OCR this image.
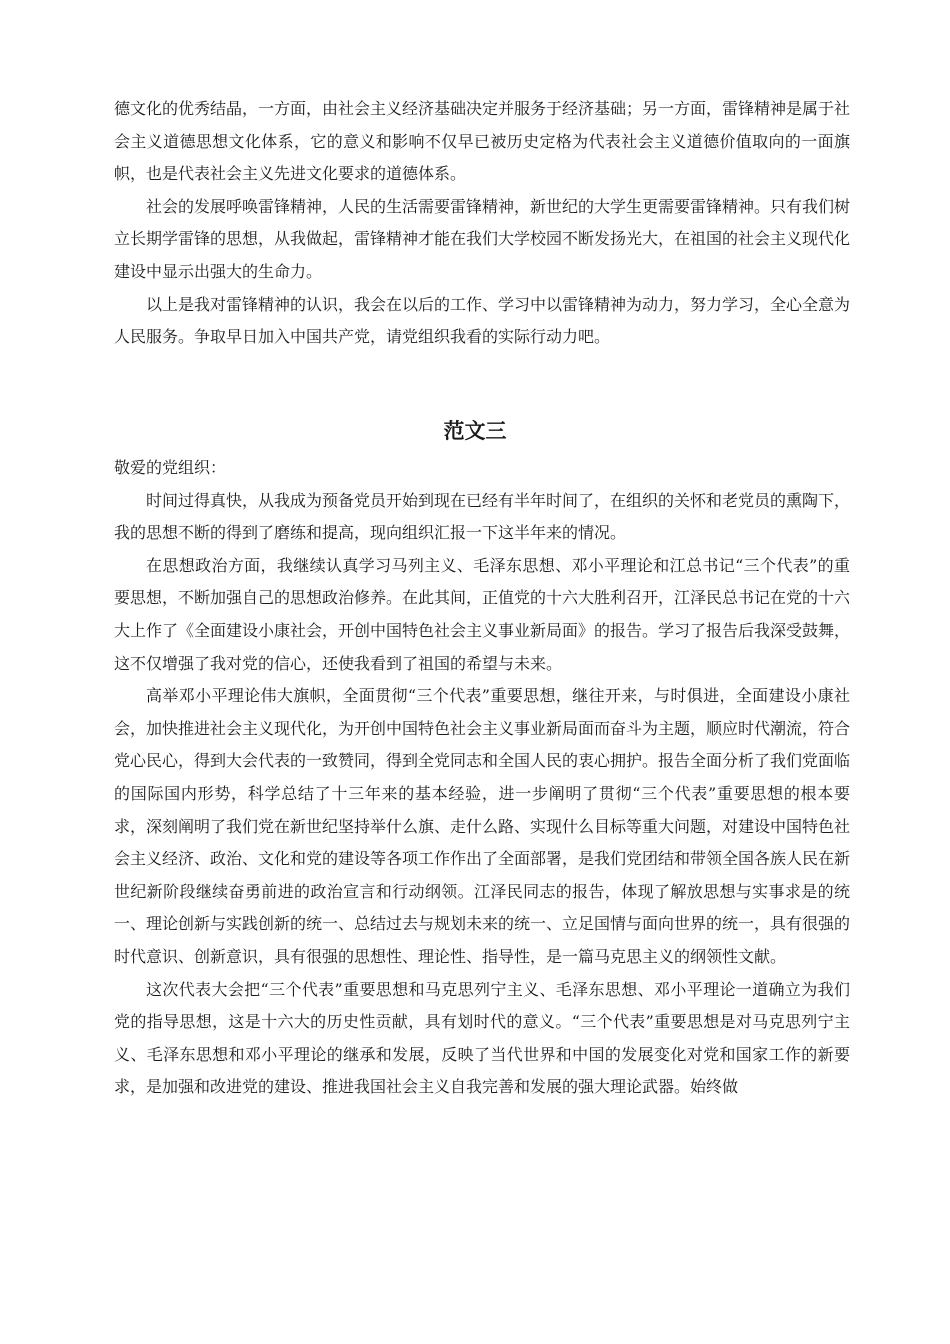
德文化的优秀结晶，一方面，由社会主义经济基础决定并服务于经济基础；另一方面，雷锋精神是属于社会主义道德思想文化体系，它的意义和影响不仅早已被历史定格为代表社会主义道德价值取向的一面旗帜，也是代表社会主义先进文化要求的道德体系。

社会的发展呼唤雷锋精神，人民的生活需要雷锋精神，新世纪的大学生更需要雷锋精神。只有我们树立长期学雷锋的思想，从我做起，雷锋精神才能在我们大学校园不断发扬光大，在祖国的社会主义现代化建设中显示出强大的生命力。

以上是我对雷锋精神的认识，我会在以后的工作、学习中以雷锋精神为动力，努力学习，全心全意为人民服务。争取早日加入中国共产党，请党组织我看的实际行动力吧。

范文三

敬爱的党组织：

时间过得真快，从我成为预备党员开始到现在已经有半年时间了，在组织的关怀和老党员的熏陶下，我的思想不断的得到了磨练和提高，现向组织汇报一下这半年来的情况。

在思想政治方面，我继续认真学习马列主义、毛泽东思想、邓小平理论和江总书记“三个代表”的重要思想，不断加强自己的思想政治修养。在此其间，正值党的十六大胜利召开，江泽民总书记在党的十六大上作了《全面建设小康社会，开创中国特色社会主义事业新局面》的报告。学习了报告后我深受鼓舞，这不仅增强了我对党的信心，还使我看到了祖国的希望与未来。

高举邓小平理论伟大旗帜，全面贯彻“三个代表”重要思想，继往开来，与时俱进，全面建设小康社会，加快推进社会主义现代化，为开创中国特色社会主义事业新局面而奋斗为主题，顺应时代潮流，符合党心民心，得到大会代表的一致赞同，得到全党同志和全国人民的衷心拥护。报告全面分析了我们党面临的国际国内形势，科学总结了十三年来的基本经验，进一步阐明了贯彻“三个代表”重要思想的根本要求，深刻阐明了我们党在新世纪坚持举什么旗、走什么路、实现什么目标等重大问题，对建设中国特色社会主义经济、政治、文化和党的建设等各项工作作出了全面部署，是我们党团结和带领全国各族人民在新世纪新阶段继续奋勇前进的政治宣言和行动纲领。江泽民同志的报告，体现了解放思想与实事求是的统一、理论创新与实践创新的统一、总结过去与规划未来的统一、立足国情与面向世界的统一，具有很强的时代意识、创新意识，具有很强的思想性、理论性、指导性，是一篇马克思主义的纲领性文献。

这次代表大会把“三个代表”重要思想和马克思列宁主义、毛泽东思想、邓小平理论一道确立为我们党的指导思想，这是十六大的历史性贡献，具有划时代的意义。“三个代表”重要思想是对马克思列宁主义、毛泽东思想和邓小平理论的继承和发展，反映了当代世界和中国的发展变化对党和国家工作的新要求，是加强和改进党的建设、推进我国社会主义自我完善和发展的强大理论武器。始终做
